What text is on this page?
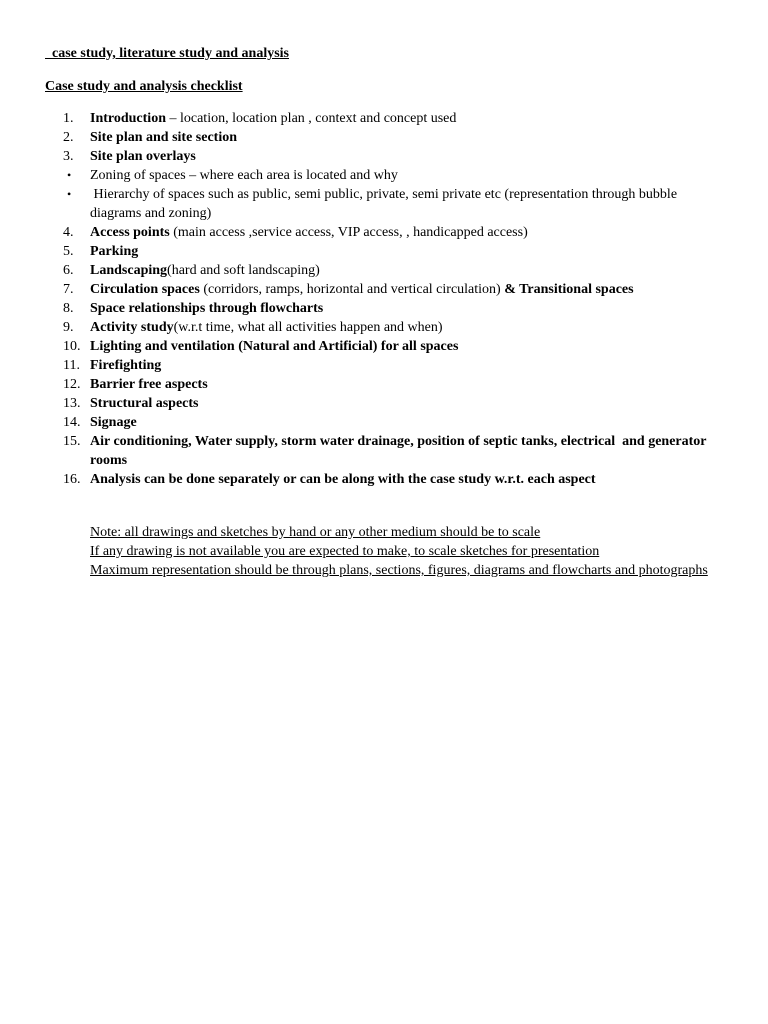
case study, literature study and analysis
Case study and analysis checklist
1.	Introduction – location, location plan , context and concept used
2.	Site plan and site section
3.	Site plan overlays
•	Zoning of spaces – where each area is located and why
•	Hierarchy of spaces such as public, semi public, private, semi private etc (representation through bubble diagrams and zoning)
4.	Access points (main access ,service access, VIP access, , handicapped access)
5.	Parking
6.	Landscaping(hard and soft landscaping)
7.	Circulation spaces (corridors, ramps, horizontal and vertical circulation) & Transitional spaces
8.	Space relationships through flowcharts
9.	Activity study(w.r.t time, what all activities happen and when)
10. Lighting and ventilation (Natural and Artificial) for all spaces
11. Firefighting
12. Barrier free aspects
13. Structural aspects
14. Signage
15. Air conditioning, Water supply, storm water drainage, position of septic tanks, electrical  and generator rooms
16. Analysis can be done separately or can be along with the case study w.r.t. each aspect
Note: all drawings and sketches by hand or any other medium should be to scale
If any drawing is not available you are expected to make, to scale sketches for presentation
Maximum representation should be through plans, sections, figures, diagrams and flowcharts and photographs
